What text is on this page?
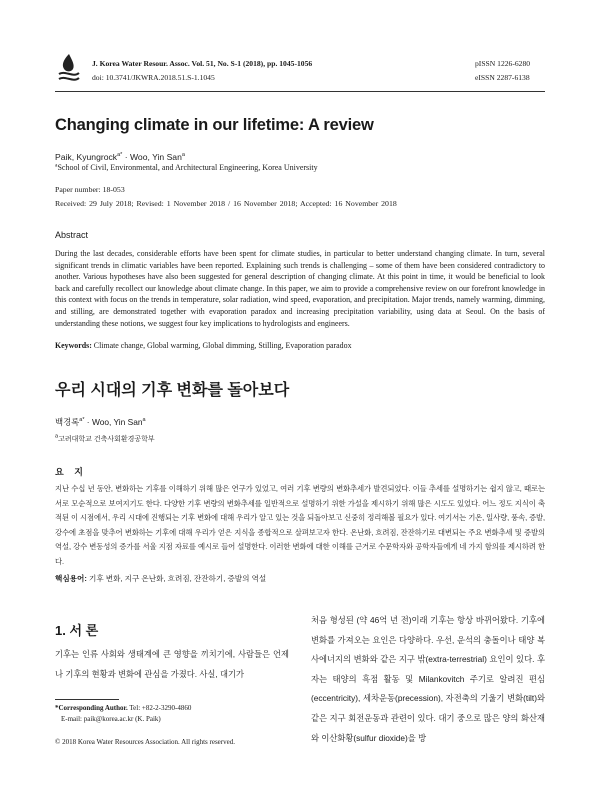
J. Korea Water Resour. Assoc. Vol. 51, No. S-1 (2018), pp. 1045-1056
doi: 10.3741/JKWRA.2018.51.S-1.1045
pISSN 1226-6280
eISSN 2287-6138
Changing climate in our lifetime: A review
Paik, Kyungrock$^{a*}$ · Woo, Yin San$^a$
$^a$School of Civil, Environmental, and Architectural Engineering, Korea University
Paper number: 18-053
Received: 29 July 2018; Revised: 1 November 2018 / 16 November 2018; Accepted: 16 November 2018
Abstract
During the last decades, considerable efforts have been spent for climate studies, in particular to better understand changing climate. In turn, several significant trends in climatic variables have been reported. Explaining such trends is challenging – some of them have been considered contradictory to another. Various hypotheses have also been suggested for general description of changing climate. At this point in time, it would be beneficial to look back and carefully recollect our knowledge about climate change. In this paper, we aim to provide a comprehensive review on our forefront knowledge in this context with focus on the trends in temperature, solar radiation, wind speed, evaporation, and precipitation. Major trends, namely warming, dimming, and stilling, are demonstrated together with evaporation paradox and increasing precipitation variability, using data at Seoul. On the basis of understanding these notions, we suggest four key implications to hydrologists and engineers.
Keywords: Climate change, Global warming, Global dimming, Stilling, Evaporation paradox
우리 시대의 기후 변화를 돌아보다
백경록$^{a*}$ · Woo, Yin San$^a$
$^a$고려대학교 건축사회환경공학부
요 지
지난 수십 년 동안, 변화하는 기후를 이해하기 위해 많은 연구가 있었고, 여러 기후 변량의 변화추세가 발견되었다. 이들 추세를 설명하기는 쉽지 않고, 때로는 서로 모순적으로 보여지기도 한다. 다양한 기후 변량의 변화추세를 일반적으로 설명하기 위한 가설을 제시하기 위해 많은 시도도 있었다. 어느 정도 지식이 축적된 이 시점에서, 우리 시대에 진행되는 기후 변화에 대해 우리가 알고 있는 것을 되돌아보고 신중히 정리해볼 필요가 있다. 여기서는 기온, 일사량, 풍속, 증발, 강수에 초점을 맞추어 변화하는 기후에 대해 우리가 얻은 지식을 종합적으로 살펴보고자 한다. 온난화, 흐려짐, 잔잔하기로 대변되는 주요 변화추세 및 증발의 역설, 강수 변동성의 증가를 서울 지점 자료를 예시로 들어 설명한다. 이러한 변화에 대한 이해를 근거로 수문학자와 공학자들에게 네 가지 함의를 제시하려 한다.
핵심용어: 기후 변화, 지구 온난화, 흐려짐, 잔잔하기, 증발의 역설
1. 서 론
기후는 인류 사회와 생태계에 큰 영향을 끼치기에, 사람들은 언제나 기후의 현황과 변화에 관심을 가졌다. 사실, 대기가
처음 형성된 (약 46억 년 전)이래 기후는 항상 바뀌어왔다. 기후에 변화를 가져오는 요인은 다양하다. 우선, 운석의 충돌이나 태양 복사에너지의 변화와 같은 지구 밖(extra-terrestrial) 요인이 있다. 후자는 태양의 흑점 활동 및 Milankovitch 주기로 알려진 편심(eccentricity), 세차운동(precession), 자전축의 기울기 변화(tilt)와 같은 지구 회전운동과 관련이 있다. 대기 중으로 많은 양의 화산재와 이산화황(sulfur dioxide)을 방
*Corresponding Author. Tel: +82-2-3290-4860
E-mail: paik@korea.ac.kr (K. Paik)
© 2018 Korea Water Resources Association. All rights reserved.
